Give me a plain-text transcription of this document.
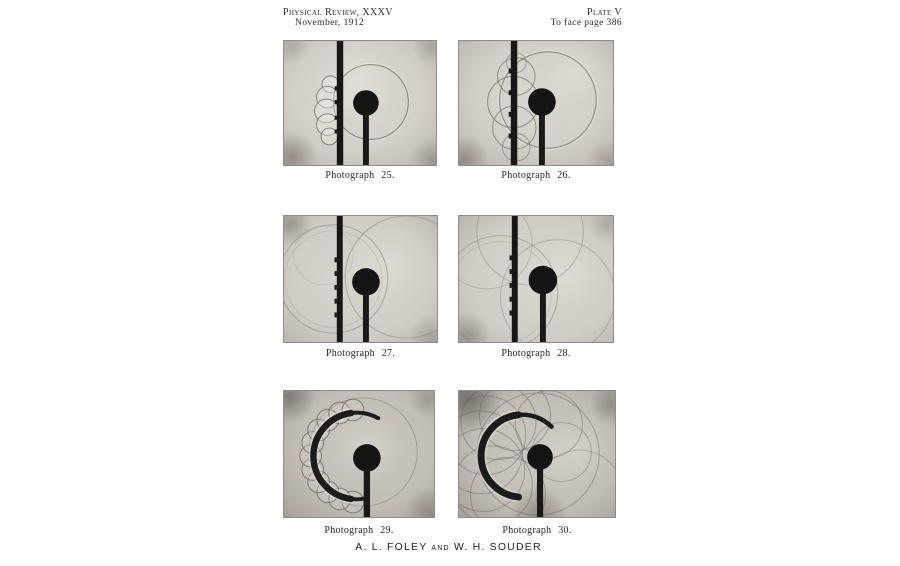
Physical Review, XXXV
November, 1912
Plate V
To face page 386
Photograph 25.	Photograph 26.
Photograph 27.	Photograph 28.
Photograph 29.	Photograph 30.
A. L. FOLEY and W. H. SOUDER
